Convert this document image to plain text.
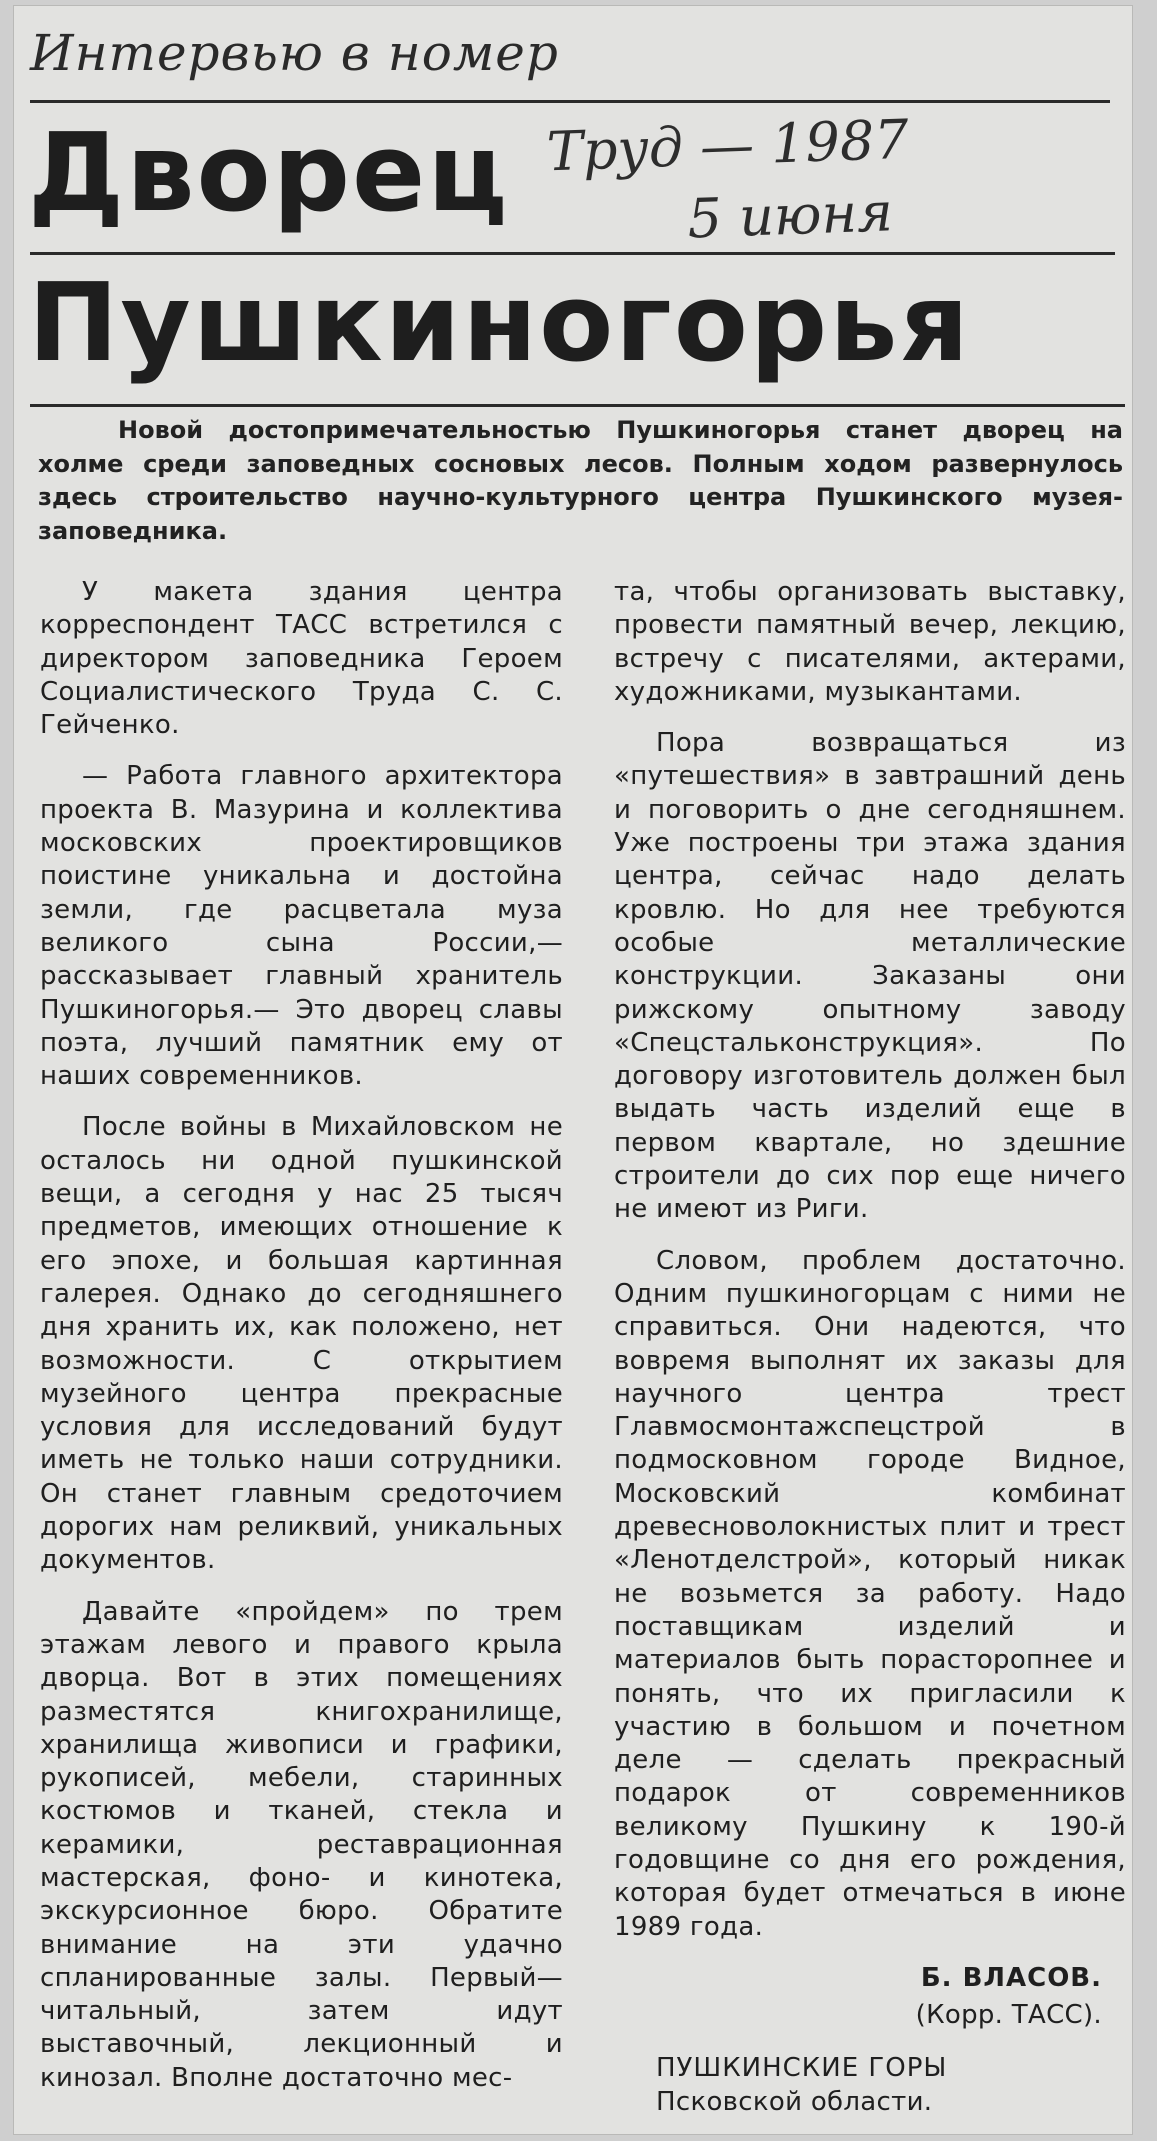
Интервью в номер
Дворец
Пушкиногорья
Труд — 1987
5 июня
Новой достопримечательностью Пушкиногорья станет дворец на холме среди заповедных сосновых лесов. Полным ходом развернулось здесь строительство научно-культурного центра Пушкинского музея-заповедника.

У макета здания центра корреспондент ТАСС встретился с директором заповедника Героем Социалистического Труда С. С. Гейченко.

— Работа главного архитектора проекта В. Мазурина и коллектива московских проектировщиков поистине уникальна и достойна земли, где расцветала муза великого сына России,— рассказывает главный хранитель Пушкиногорья.— Это дворец славы поэта, лучший памятник ему от наших современников.

После войны в Михайловском не осталось ни одной пушкинской вещи, а сегодня у нас 25 тысяч предметов, имеющих отношение к его эпохе, и большая картинная галерея. Однако до сегодняшнего дня хранить их, как положено, нет возможности. С открытием музейного центра прекрасные условия для исследований будут иметь не только наши сотрудники. Он станет главным средоточием дорогих нам реликвий, уникальных документов.

Давайте «пройдем» по трем этажам левого и правого крыла дворца. Вот в этих помещениях разместятся книгохранилище, хранилища живописи и графики, рукописей, мебели, старинных костюмов и тканей, стекла и керамики, реставрационная мастерская, фоно- и кинотека, экскурсионное бюро. Обратите внимание на эти удачно спланированные залы. Первый—читальный, затем идут выставочный, лекционный и кинозал. Вполне достаточно мес-

та, чтобы организовать выставку, провести памятный вечер, лекцию, встречу с писателями, актерами, художниками, музыкантами.

Пора возвращаться из «путешествия» в завтрашний день и поговорить о дне сегодняшнем. Уже построены три этажа здания центра, сейчас надо делать кровлю. Но для нее требуются особые металлические конструкции. Заказаны они рижскому опытному заводу «Спецстальконструкция». По договору изготовитель должен был выдать часть изделий еще в первом квартале, но здешние строители до сих пор еще ничего не имеют из Риги.

Словом, проблем достаточно. Одним пушкиногорцам с ними не справиться. Они надеются, что вовремя выполнят их заказы для научного центра трест Главмосмонтажспецстрой в подмосковном городе Видное, Московский комбинат древесноволокнистых плит и трест «Ленотделстрой», который никак не возьмется за работу. Надо поставщикам изделий и материалов быть порасторопнее и понять, что их пригласили к участию в большом и почетном деле — сделать прекрасный подарок от современников великому Пушкину к 190-й годовщине со дня его рождения, которая будет отмечаться в июне 1989 года.

Б. ВЛАСОВ.
(Корр. ТАСС).
ПУШКИНСКИЕ ГОРЫ
Псковской области.
